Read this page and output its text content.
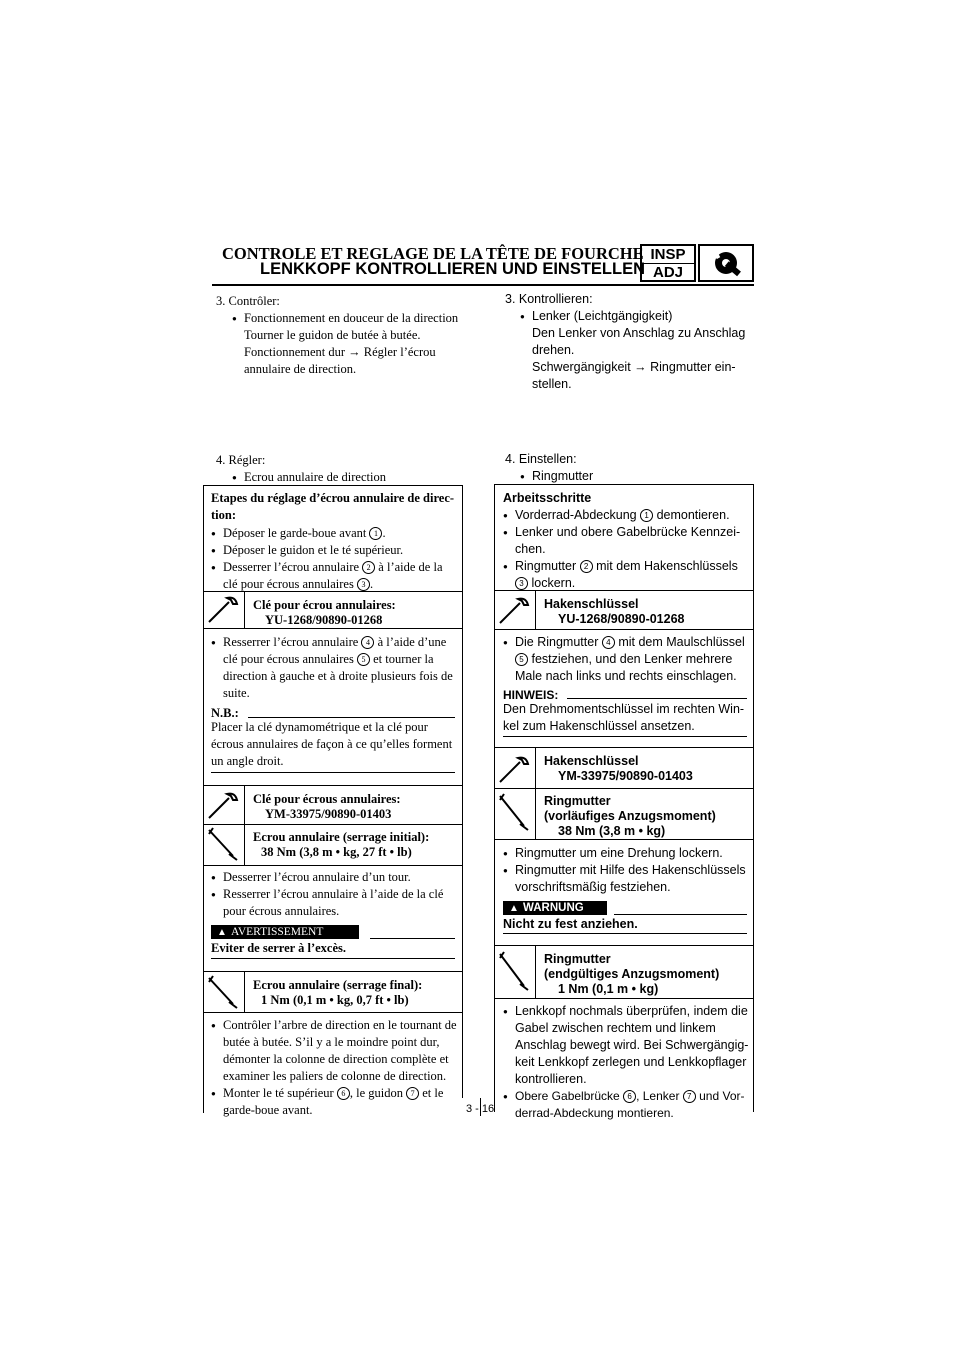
CONTROLE ET REGLAGE DE LA TÊTE DE FOURCHE
LENKKOPF KONTROLLIEREN UND EINSTELLEN
INSP
ADJ
3. Contrôler:
● Fonctionnement en douceur de la direction
Tourner le guidon de butée à butée.
Fonctionnement dur → Régler l’écrou
annulaire de direction.
4. Régler:
● Ecrou annulaire de direction
Etapes du réglage d’écrou annulaire de direc-
tion:
● Déposer le garde-boue avant 1 .
● Déposer le guidon et le té supérieur.
● Desserrer l’écrou annulaire 2 à l’aide de la
clé pour écrous annulaires 3 .
Clé pour écrou annulaires:
YU-1268/90890-01268
● Resserrer l’écrou annulaire 4 à l’aide d’une
clé pour écrous annulaires 5 et tourner la
direction à gauche et à droite plusieurs fois de
suite.
N.B.:
Placer la clé dynamométrique et la clé pour
écrous annulaires de façon à ce qu’elles forment
un angle droit.
Clé pour écrous annulaires:
YM-33975/90890-01403
Ecrou annulaire (serrage initial):
38 Nm (3,8 m • kg, 27 ft • lb)
● Desserrer l’écrou annulaire d’un tour.
● Resserrer l’écrou annulaire à l’aide de la clé
pour écrous annulaires.
▲ AVERTISSEMENT
Eviter de serrer à l’excès.
Ecrou annulaire (serrage final):
1 Nm (0,1 m • kg, 0,7 ft • lb)
● Contrôler l’arbre de direction en le tournant de
butée à butée. S’il y a le moindre point dur,
démonter la colonne de direction complète et
examiner les paliers de colonne de direction.
● Monter le té supérieur 6 , le guidon 7 et le
garde-boue avant.
3. Kontrollieren:
● Lenker (Leichtgängigkeit)
Den Lenker von Anschlag zu Anschlag
drehen.
Schwergängigkeit → Ringmutter ein-
stellen.
4. Einstellen:
● Ringmutter
Arbeitsschritte
● Vorderrad-Abdeckung 1 demontieren.
● Lenker und obere Gabelbrücke Kennzei-
chen.
● Ringmutter 2 mit dem Hakenschlüssels
3 lockern.
Hakenschlüssel
YU-1268/90890-01268
● Die Ringmutter 4 mit dem Maulschlüssel
5 festziehen, und den Lenker mehrere
Male nach links und rechts einschlagen.
HINWEIS:
Den Drehmomentschlüssel im rechten Win-
kel zum Hakenschlüssel ansetzen.
Hakenschlüssel
YM-33975/90890-01403
Ringmutter
(vorläufiges Anzugsmoment)
38 Nm (3,8 m • kg)
● Ringmutter um eine Drehung lockern.
● Ringmutter mit Hilfe des Hakenschlüssels
vorschriftsmäßig festziehen.
▲ WARNUNG
Nicht zu fest anziehen.
Ringmutter
(endgültiges Anzugsmoment)
1 Nm (0,1 m • kg)
● Lenkkopf nochmals überprüfen, indem die
Gabel zwischen rechtem und linkem
Anschlag bewegt wird. Bei Schwergängig-
keit Lenkkopf zerlegen und Lenkkopflager
kontrollieren.
● Obere Gabelbrücke 6 , Lenker 7 und Vor-
derrad-Abdeckung montieren.
3 - 16
